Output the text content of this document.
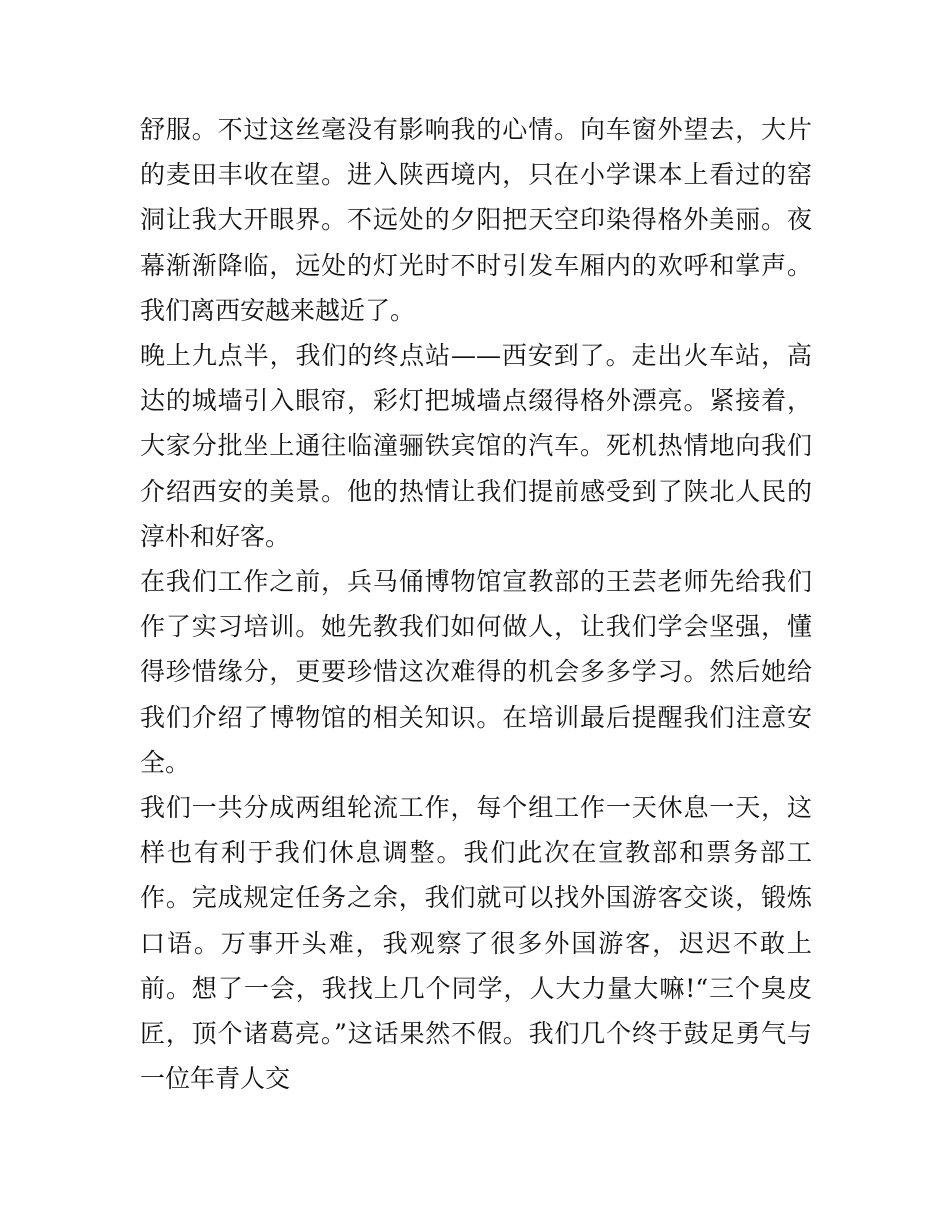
舒服。不过这丝毫没有影响我的心情。向车窗外望去，大片的麦田丰收在望。进入陕西境内，只在小学课本上看过的窑洞让我大开眼界。不远处的夕阳把天空印染得格外美丽。夜幕渐渐降临，远处的灯光时不时引发车厢内的欢呼和掌声。我们离西安越来越近了。

晚上九点半，我们的终点站——西安到了。走出火车站，高达的城墙引入眼帘，彩灯把城墙点缀得格外漂亮。紧接着，大家分批坐上通往临潼骊铁宾馆的汽车。死机热情地向我们介绍西安的美景。他的热情让我们提前感受到了陕北人民的淳朴和好客。

在我们工作之前，兵马俑博物馆宣教部的王芸老师先给我们作了实习培训。她先教我们如何做人，让我们学会坚强，懂得珍惜缘分，更要珍惜这次难得的机会多多学习。然后她给我们介绍了博物馆的相关知识。在培训最后提醒我们注意安全。

我们一共分成两组轮流工作，每个组工作一天休息一天，这样也有利于我们休息调整。我们此次在宣教部和票务部工作。完成规定任务之余，我们就可以找外国游客交谈，锻炼口语。万事开头难，我观察了很多外国游客，迟迟不敢上前。想了一会，我找上几个同学，人大力量大嘛!“三个臭皮匠，顶个诸葛亮。”这话果然不假。我们几个终于鼓足勇气与一位年青人交
